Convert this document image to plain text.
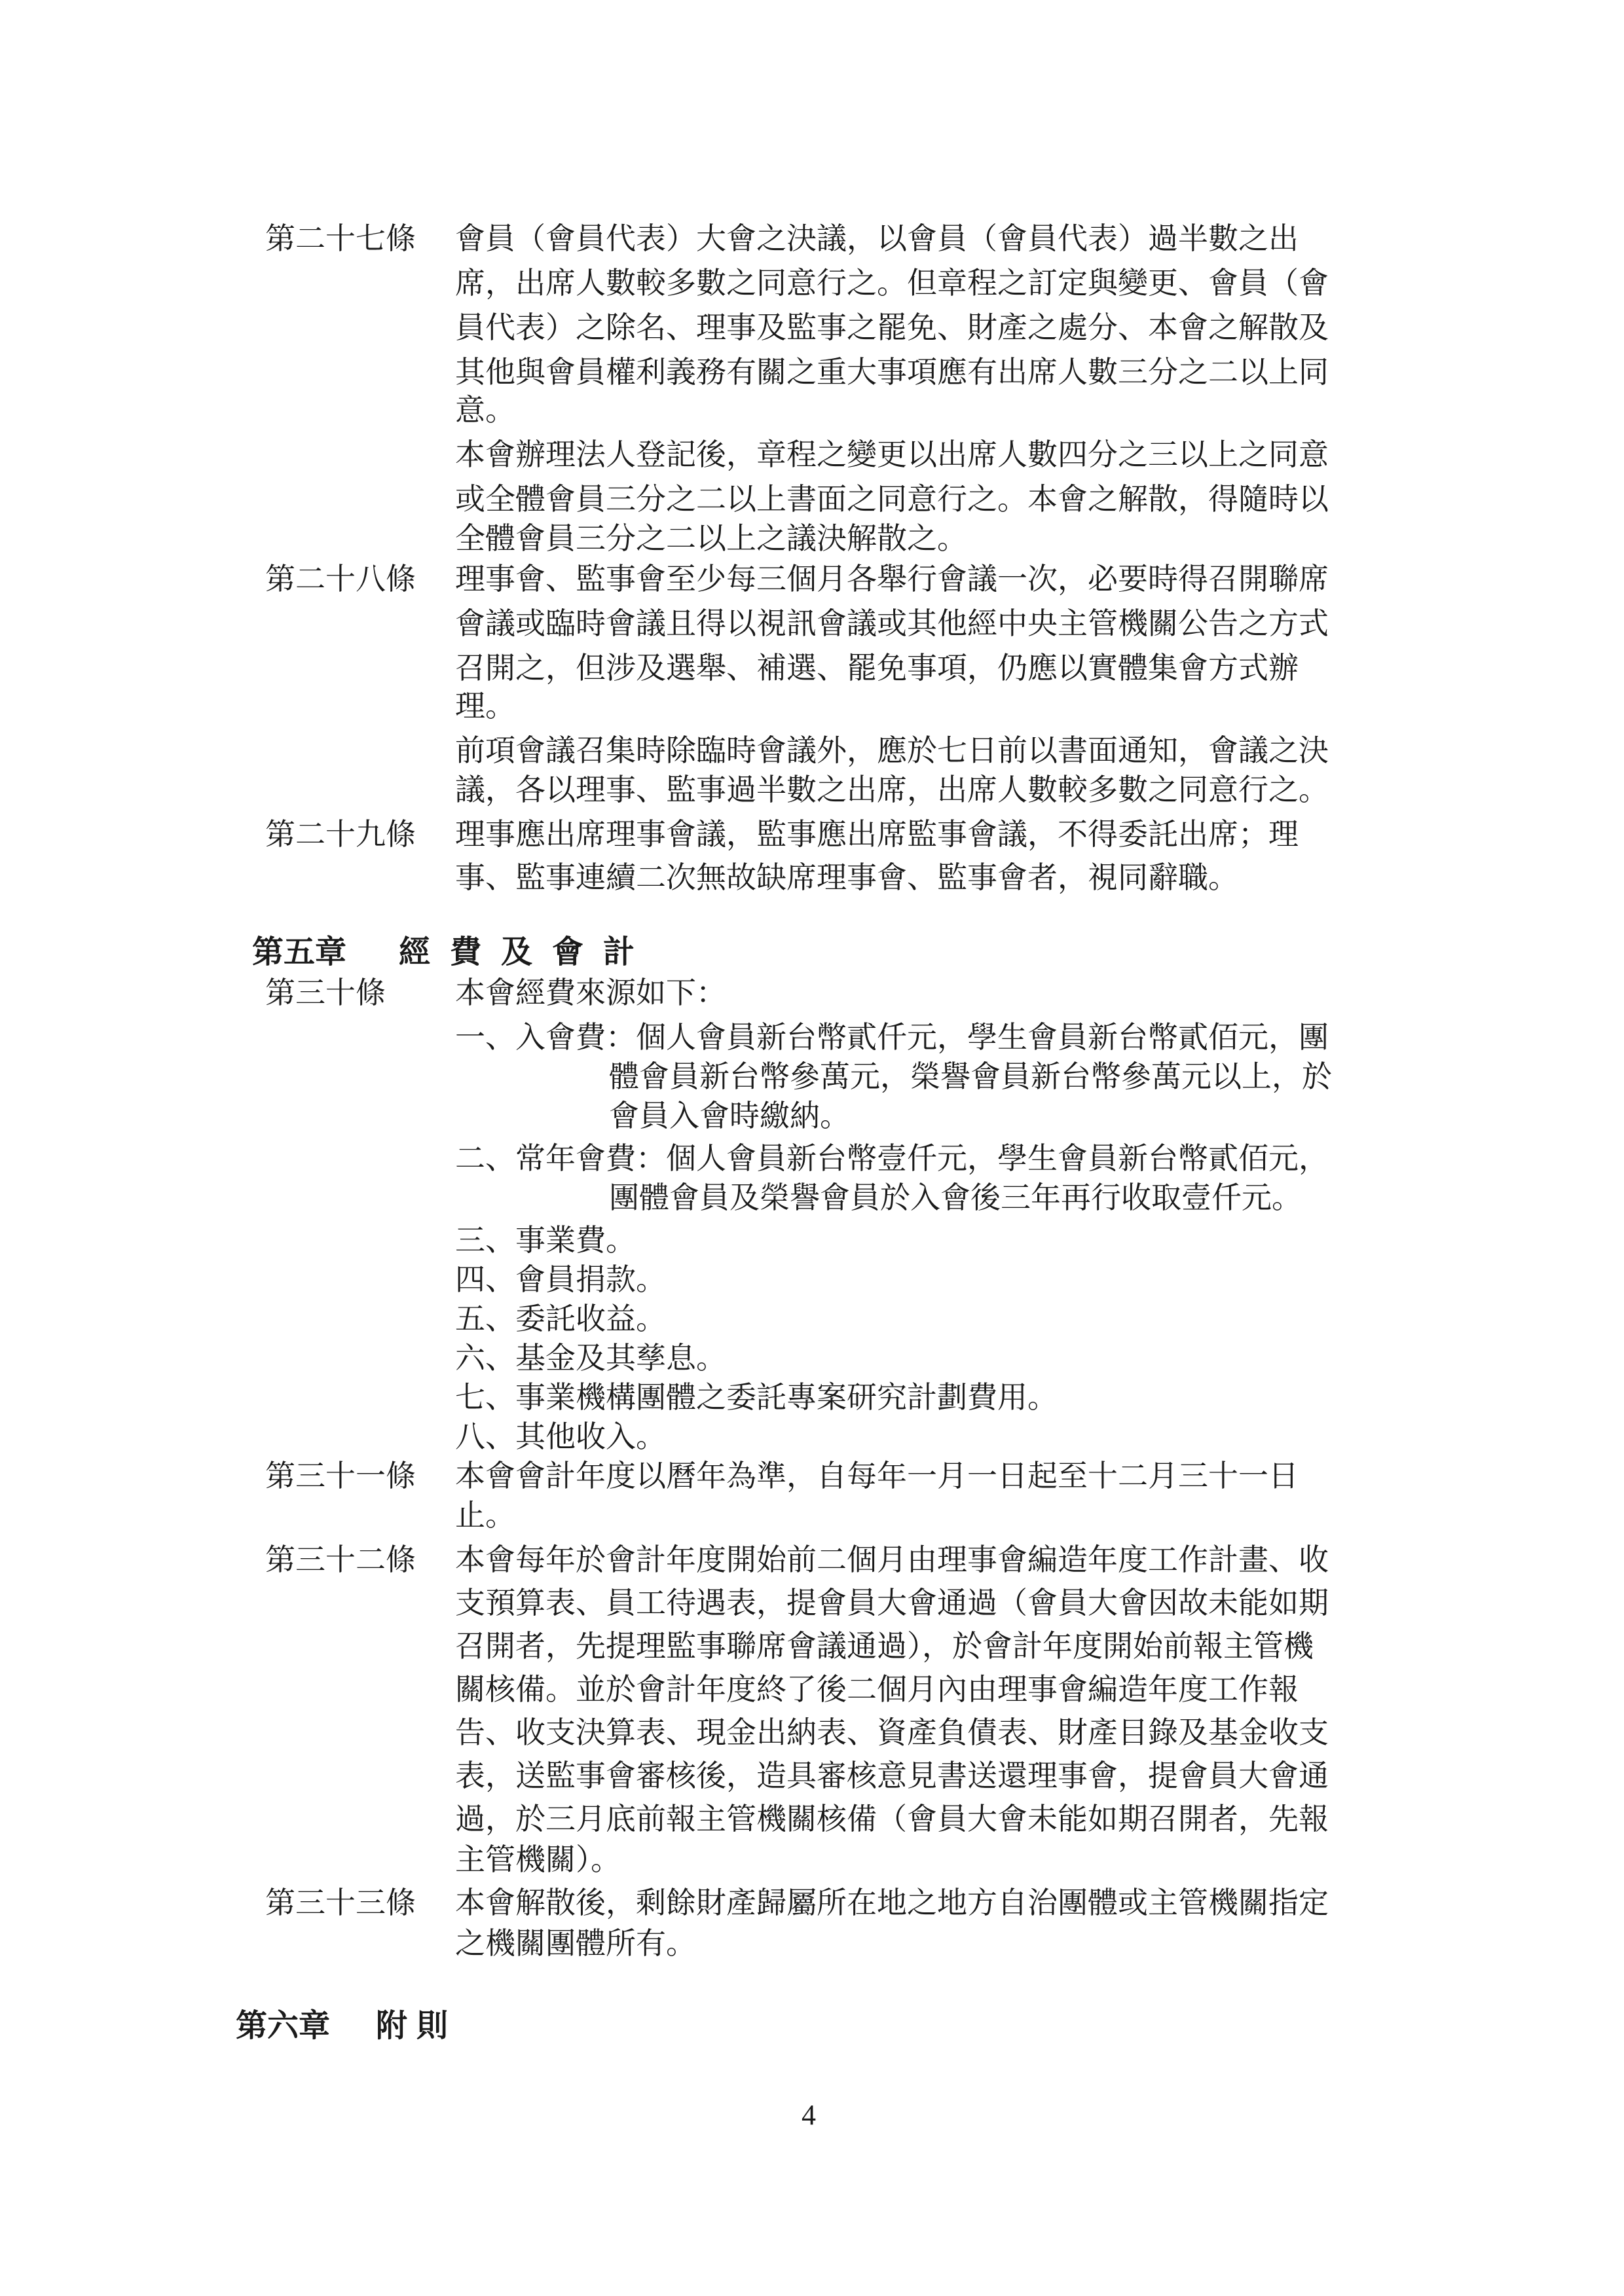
第二十七條 會員（會員代表）大會之決議，以會員（會員代表）過半數之出
席，出席人數較多數之同意行之。但章程之訂定與變更、會員（會
員代表）之除名、理事及監事之罷免、財產之處分、本會之解散及
其他與會員權利義務有關之重大事項應有出席人數三分之二以上同
意。
本會辦理法人登記後，章程之變更以出席人數四分之三以上之同意
或全體會員三分之二以上書面之同意行之。本會之解散，得隨時以
全體會員三分之二以上之議決解散之。
第二十八條 理事會、監事會至少每三個月各舉行會議一次，必要時得召開聯席
會議或臨時會議且得以視訊會議或其他經中央主管機關公告之方式
召開之，但涉及選舉、補選、罷免事項，仍應以實體集會方式辦
理。
前項會議召集時除臨時會議外，應於七日前以書面通知，會議之決
議，各以理事、監事過半數之出席，出席人數較多數之同意行之。
第二十九條 理事應出席理事會議，監事應出席監事會議，不得委託出席；理
事、監事連續二次無故缺席理事會、監事會者，視同辭職。
第五章 經費及會計
第三十條 本會經費來源如下：
一、入會費：個人會員新台幣貳仟元，學生會員新台幣貳佰元，團
體會員新台幣參萬元，榮譽會員新台幣參萬元以上，於
會員入會時繳納。
二、常年會費：個人會員新台幣壹仟元，學生會員新台幣貳佰元，
團體會員及榮譽會員於入會後三年再行收取壹仟元。
三、事業費。
四、會員捐款。
五、委託收益。
六、基金及其孳息。
七、事業機構團體之委託專案研究計劃費用。
八、其他收入。
第三十一條 本會會計年度以曆年為準，自每年一月一日起至十二月三十一日
止。
第三十二條 本會每年於會計年度開始前二個月由理事會編造年度工作計畫、收
支預算表、員工待遇表，提會員大會通過（會員大會因故未能如期
召開者，先提理監事聯席會議通過），於會計年度開始前報主管機
關核備。並於會計年度終了後二個月內由理事會編造年度工作報
告、收支決算表、現金出納表、資產負債表、財產目錄及基金收支
表，送監事會審核後，造具審核意見書送還理事會，提會員大會通
過，於三月底前報主管機關核備（會員大會未能如期召開者，先報
主管機關）。
第三十三條 本會解散後，剩餘財產歸屬所在地之地方自治團體或主管機關指定
之機關團體所有。
第六章 附則
4
